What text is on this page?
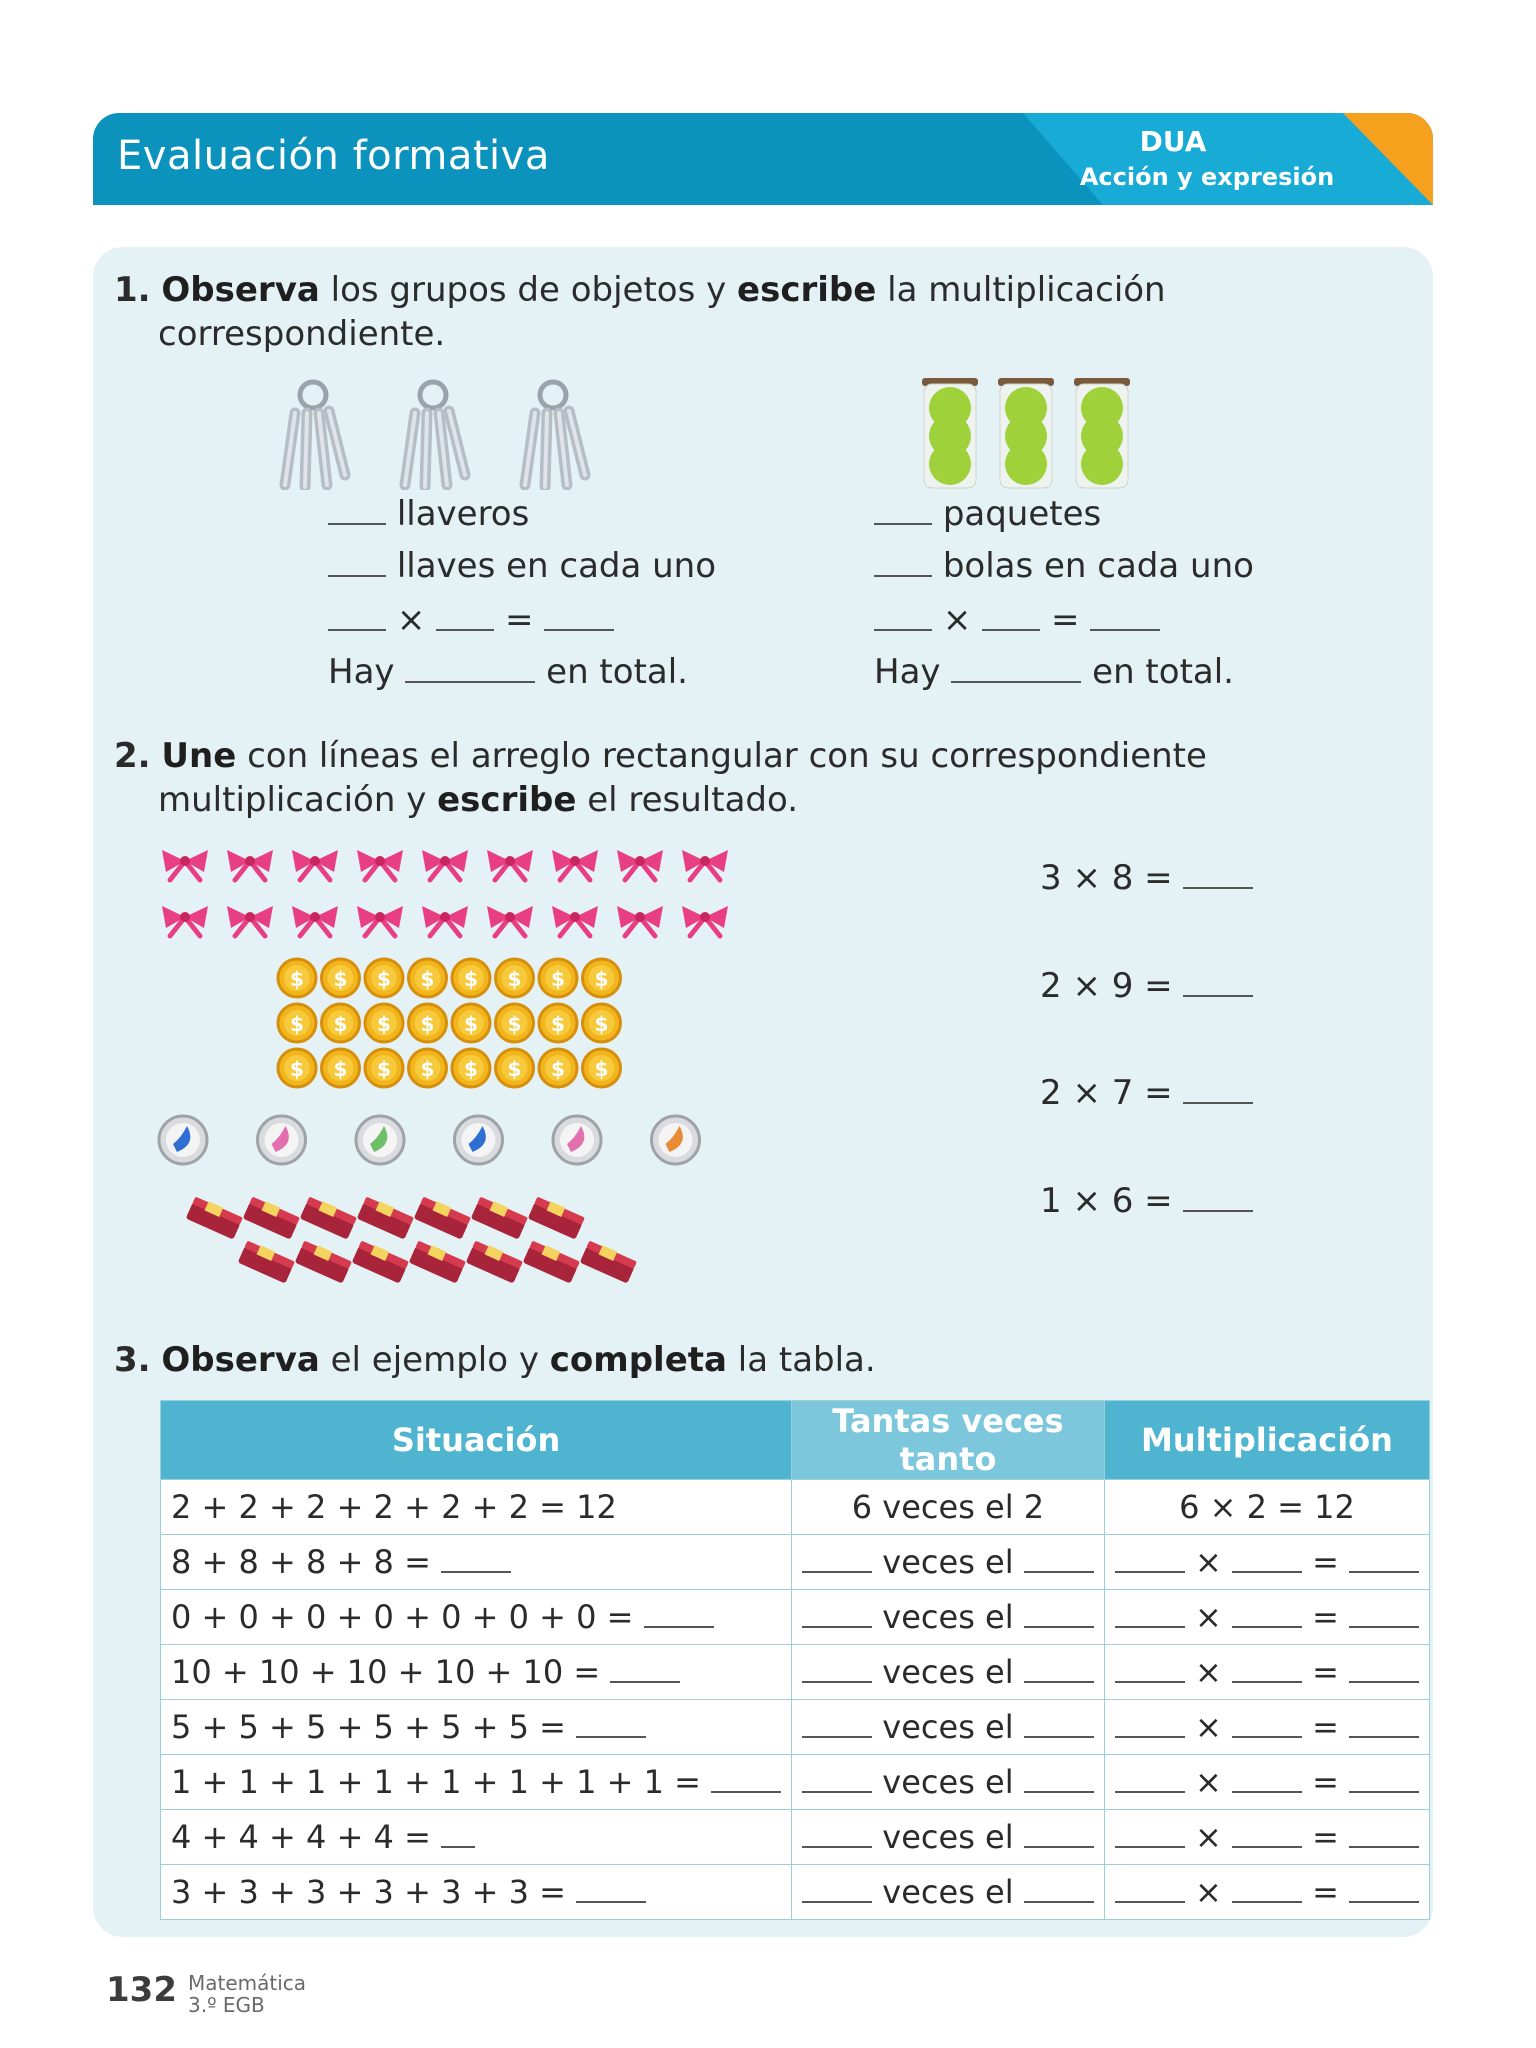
Evaluación formativa	DUA
Acción y expresión
1. Observa los grupos de objetos y escribe la multiplicación
correspondiente.
llaveros
llaves en cada uno
× =
Hay	en total.
paquetes
bolas en cada uno
× =
Hay	en total.
2. Une con líneas el arreglo rectangular con su correspondiente
multiplicación y escribe el resultado.
$ $ $ $ $ $ $ $
$ $ $ $ $ $ $ $
$ $ $ $ $ $ $ $
3 × 8 =
2 × 9 =
2 × 7 =
1 × 6 =
3. Observa el ejemplo y completa la tabla.
Situación	Tantas veces tanto	Multiplicación
2 + 2 + 2 + 2 + 2 + 2 = 12	6 veces el 2	6 × 2 = 12
8 + 8 + 8 + 8 =	veces el	× =
0 + 0 + 0 + 0 + 0 + 0 + 0 =	veces el	× =
10 + 10 + 10 + 10 + 10 =	veces el	× =
5 + 5 + 5 + 5 + 5 + 5 =	veces el	× =
1 + 1 + 1 + 1 + 1 + 1 + 1 + 1 =	veces el	× =
4 + 4 + 4 + 4 =	veces el	× =
3 + 3 + 3 + 3 + 3 + 3 =	veces el	× =
132 Matemática
3.º EGB
